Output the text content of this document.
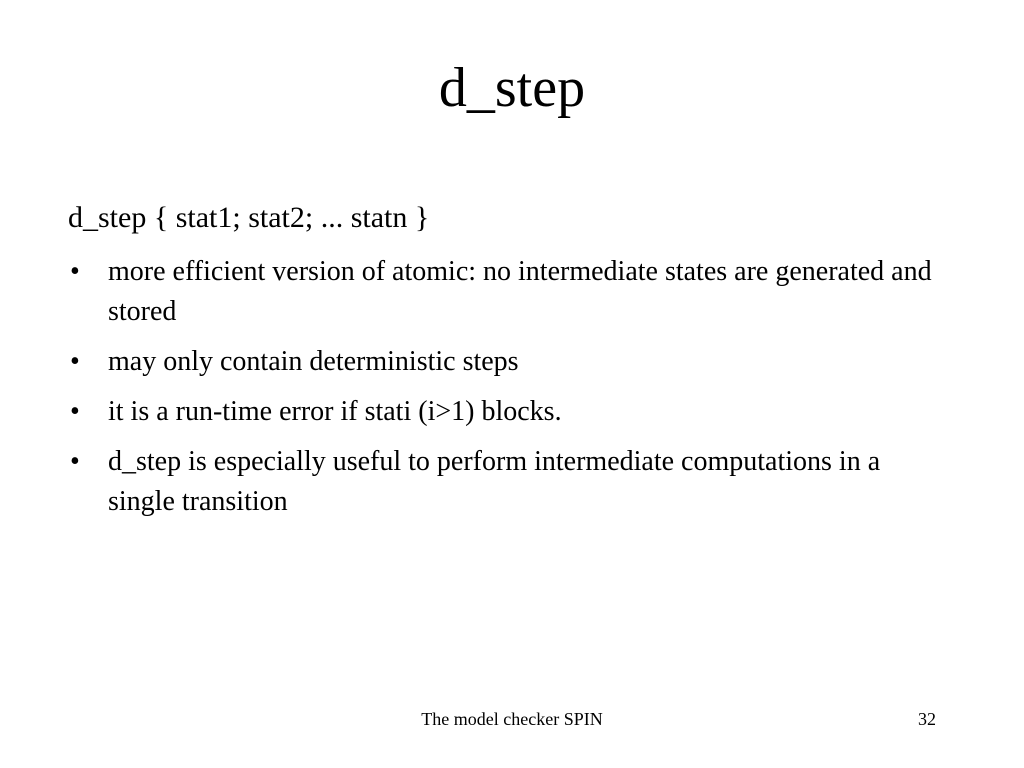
d_step
d_step { stat1; stat2; ... statn }
• more efficient version of atomic: no intermediate states are generated and stored
• may only contain deterministic steps
• it is a run-time error if stati (i>1) blocks.
• d_step is especially useful to perform intermediate computations in a single transition
The model checker SPIN	32
